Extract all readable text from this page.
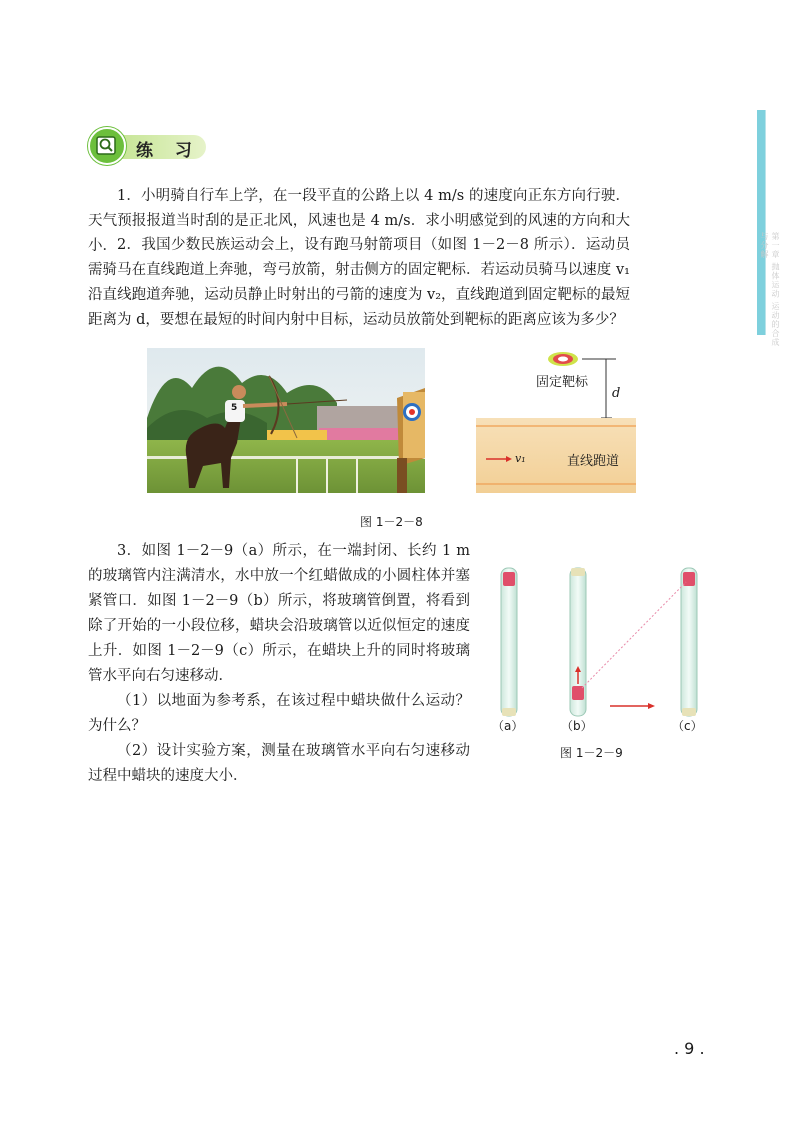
第一章 抛体运动 运动的合成与分解
练 习

1．小明骑自行车上学，在一段平直的公路上以 4 m/s 的速度向正东方向行驶．天气预报报道当时刮的是正北风，风速也是 4 m/s．求小明感觉到的风速的方向和大小． 2．我国少数民族运动会上，设有跑马射箭项目（如图 1－2－8 所示）．运动员需骑马在直线跑道上奔驰，弯弓放箭，射击侧方的固定靶标．若运动员骑马以速度 v₁ 沿直线跑道奔驰，运动员静止时射出的弓箭的速度为 v₂，直线跑道到固定靶标的最短距离为 d，要想在最短的时间内射中目标，运动员放箭处到靶标的距离应该为多少？

5
固定靶标
d
直线跑道
v₁
图 1－2－8

3．如图 1－2－9（a）所示，在一端封闭、长约 1 m 的玻璃管内注满清水，水中放一个红蜡做成的小圆柱体并塞紧管口．如图 1－2－9（b）所示，将玻璃管倒置，将看到除了开始的一小段位移，蜡块会沿玻璃管以近似恒定的速度上升．如图 1－2－9（c）所示，在蜡块上升的同时将玻璃管水平向右匀速移动．

（1）以地面为参考系，在该过程中蜡块做什么运动？为什么？

（2）设计实验方案，测量在玻璃管水平向右匀速移动过程中蜡块的速度大小．

（a）	（b）	（c）
图 1－2－9
. 9 .
